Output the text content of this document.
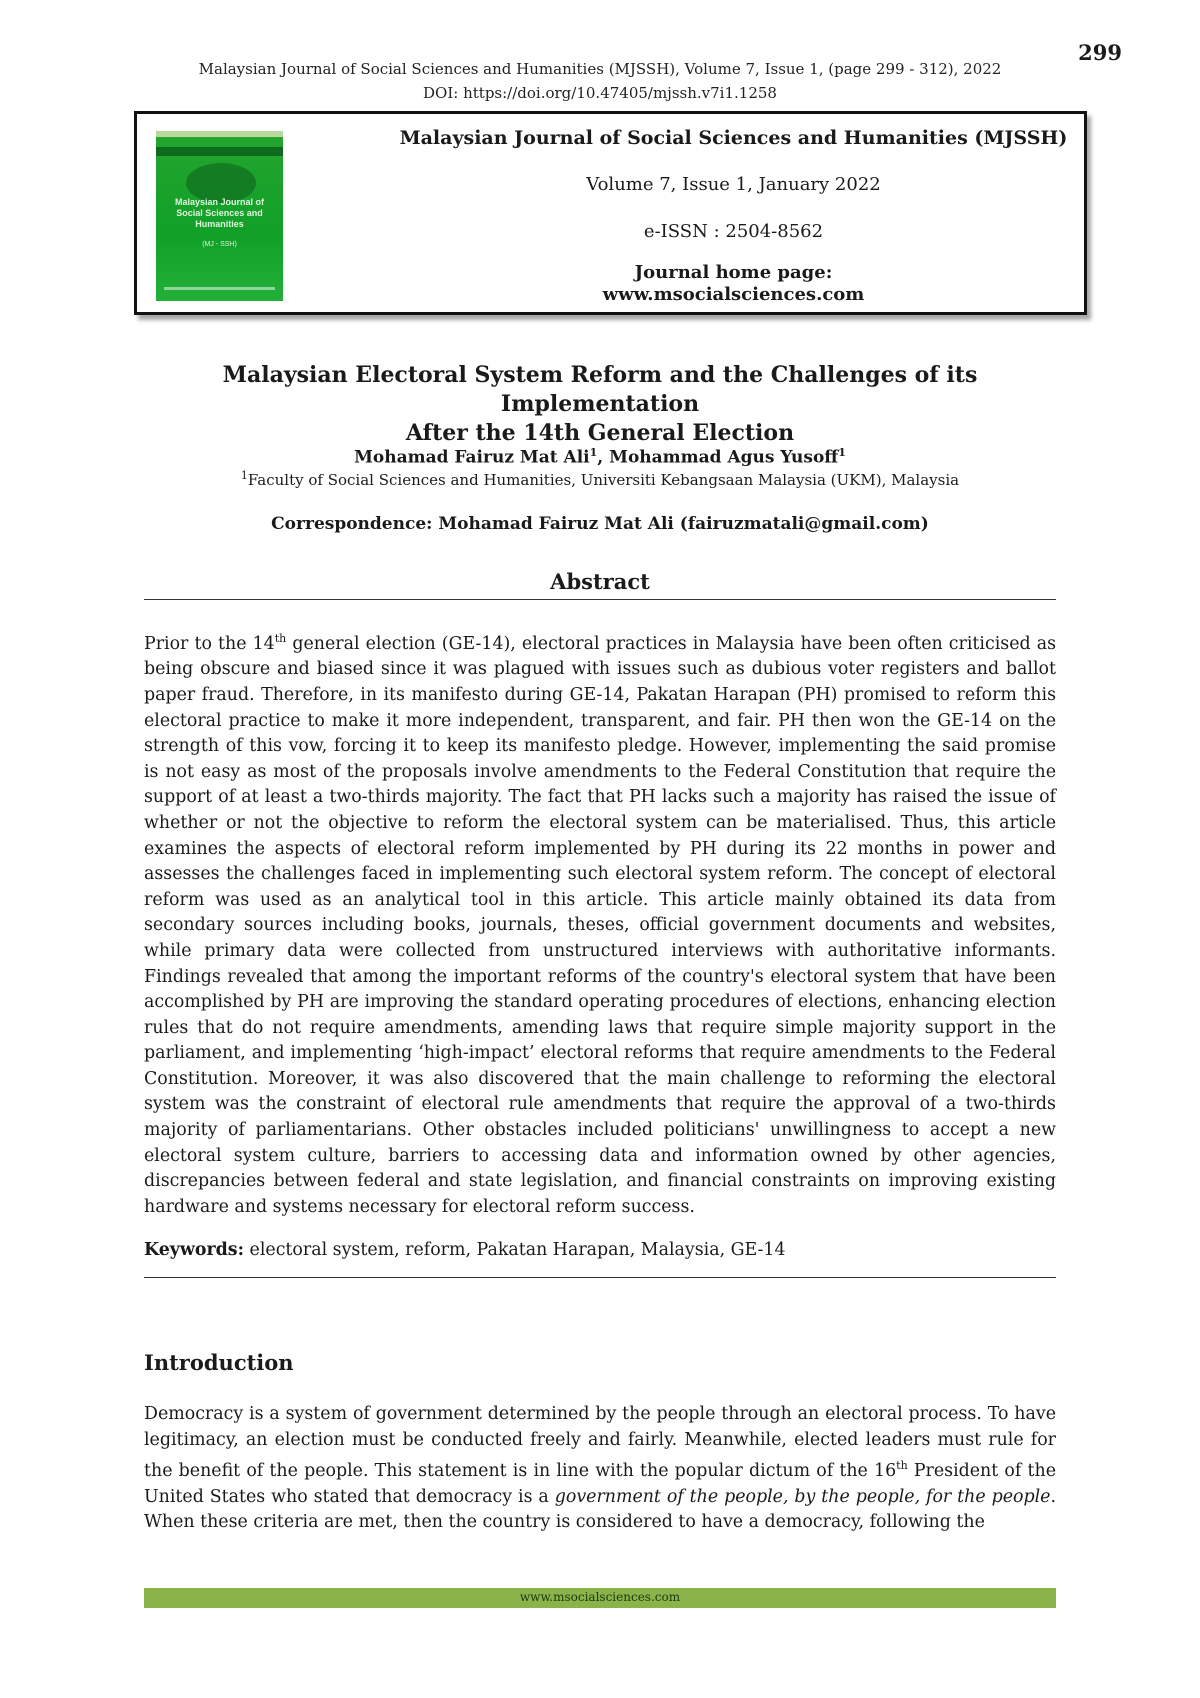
299
Malaysian Journal of Social Sciences and Humanities (MJSSH), Volume 7, Issue 1, (page 299 - 312), 2022
DOI: https://doi.org/10.47405/mjssh.v7i1.1258
Malaysian Journal of Social Sciences and Humanities
(MJ - SSH)
Malaysian Journal of Social Sciences and Humanities (MJSSH)
Volume 7, Issue 1, January 2022
e-ISSN : 2504-8562
Journal home page:
www.msocialsciences.com
Malaysian Electoral System Reform and the Challenges of its Implementation
After the 14th General Election
Mohamad Fairuz Mat Ali$^1$, Mohammad Agus Yusoff$^1$
$^1$Faculty of Social Sciences and Humanities, Universiti Kebangsaan Malaysia (UKM), Malaysia
Correspondence: Mohamad Fairuz Mat Ali (fairuzmatali@gmail.com)
Abstract
Prior to the 14th general election (GE-14), electoral practices in Malaysia have been often criticised as being obscure and biased since it was plagued with issues such as dubious voter registers and ballot paper fraud. Therefore, in its manifesto during GE-14, Pakatan Harapan (PH) promised to reform this electoral practice to make it more independent, transparent, and fair. PH then won the GE-14 on the strength of this vow, forcing it to keep its manifesto pledge. However, implementing the said promise is not easy as most of the proposals involve amendments to the Federal Constitution that require the support of at least a two-thirds majority. The fact that PH lacks such a majority has raised the issue of whether or not the objective to reform the electoral system can be materialised. Thus, this article examines the aspects of electoral reform implemented by PH during its 22 months in power and assesses the challenges faced in implementing such electoral system reform. The concept of electoral reform was used as an analytical tool in this article. This article mainly obtained its data from secondary sources including books, journals, theses, official government documents and websites, while primary data were collected from unstructured interviews with authoritative informants. Findings revealed that among the important reforms of the country's electoral system that have been accomplished by PH are improving the standard operating procedures of elections, enhancing election rules that do not require amendments, amending laws that require simple majority support in the parliament, and implementing ‘high-impact’ electoral reforms that require amendments to the Federal Constitution. Moreover, it was also discovered that the main challenge to reforming the electoral system was the constraint of electoral rule amendments that require the approval of a two-thirds majority of parliamentarians. Other obstacles included politicians' unwillingness to accept a new electoral system culture, barriers to accessing data and information owned by other agencies, discrepancies between federal and state legislation, and financial constraints on improving existing hardware and systems necessary for electoral reform success.
Keywords: electoral system, reform, Pakatan Harapan, Malaysia, GE-14
Introduction
Democracy is a system of government determined by the people through an electoral process. To have legitimacy, an election must be conducted freely and fairly. Meanwhile, elected leaders must rule for the benefit of the people. This statement is in line with the popular dictum of the 16th President of the United States who stated that democracy is a government of the people, by the people, for the people. When these criteria are met, then the country is considered to have a democracy, following the
www.msocialsciences.com
